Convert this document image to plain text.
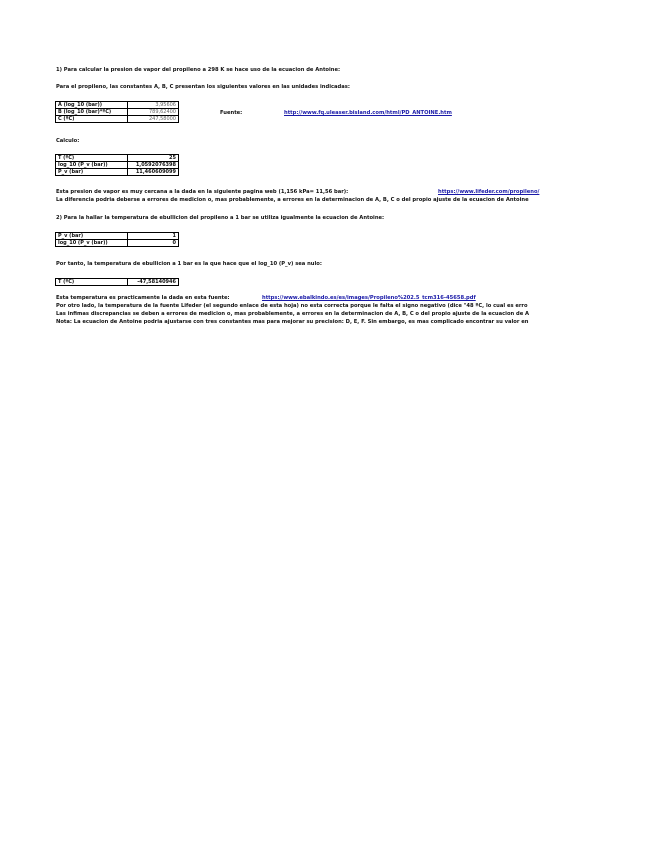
1) Para calcular la presion de vapor del propileno a 298 K se hace uso de la ecuacion de Antoine:
Para el propileno, las constantes A, B, C presentan los siguientes valores en las unidades indicadas:
A (log_10 (bar))	3,95606
B (log_10 (bar)*ºC)	789,62400
C (ºC)	247,58000
Fuente:	http://www.fq.uleaser.bisland.com/html/PD_ANTOINE.htm
Calculo:
T (ºC)	25
log_10 (P_v (bar))	1,0592076398
P_v (bar)	11,460609099
Esta presion de vapor es muy cercana a la dada en la siguiente pagina web (1,156 kPa= 11,56 bar):	https://www.lifeder.com/propileno/
La diferencia podria deberse a errores de medicion o, mas probablemente, a errores en la determinacion de A, B, C o del propio ajuste de la ecuacion de Antoine
2) Para la hallar la temperatura de ebullicion del propileno a 1 bar se utiliza igualmente la ecuacion de Antoine:
P_v (bar)	1
log_10 (P_v (bar))	0
Por tanto, la temperatura de ebullicion a 1 bar es la que hace que el log_10 (P_v) sea nulo:
T (ºC)	-47,58140946
Esta temperatura es practicamente la dada en esta fuente:	https://www.ebalkindo.es/es/images/Propileno%202.5_tcm316-45658.pdf
Por otro lado, la temperatura de la fuente Lifeder (el segundo enlace de esta hoja) no esta correcta porque le falta el signo negativo (dice "48 ºC, lo cual es erro
Las infimas discrepancias se deben a errores de medicion o, mas probablemente, a errores en la determinacion de A, B, C o del propio ajuste de la ecuacion de A
Nota: La ecuacion de Antoine podria ajustarse con tres constantes mas para mejorar su precision: D, E, F. Sin embargo, es mas complicado encontrar su valor en
